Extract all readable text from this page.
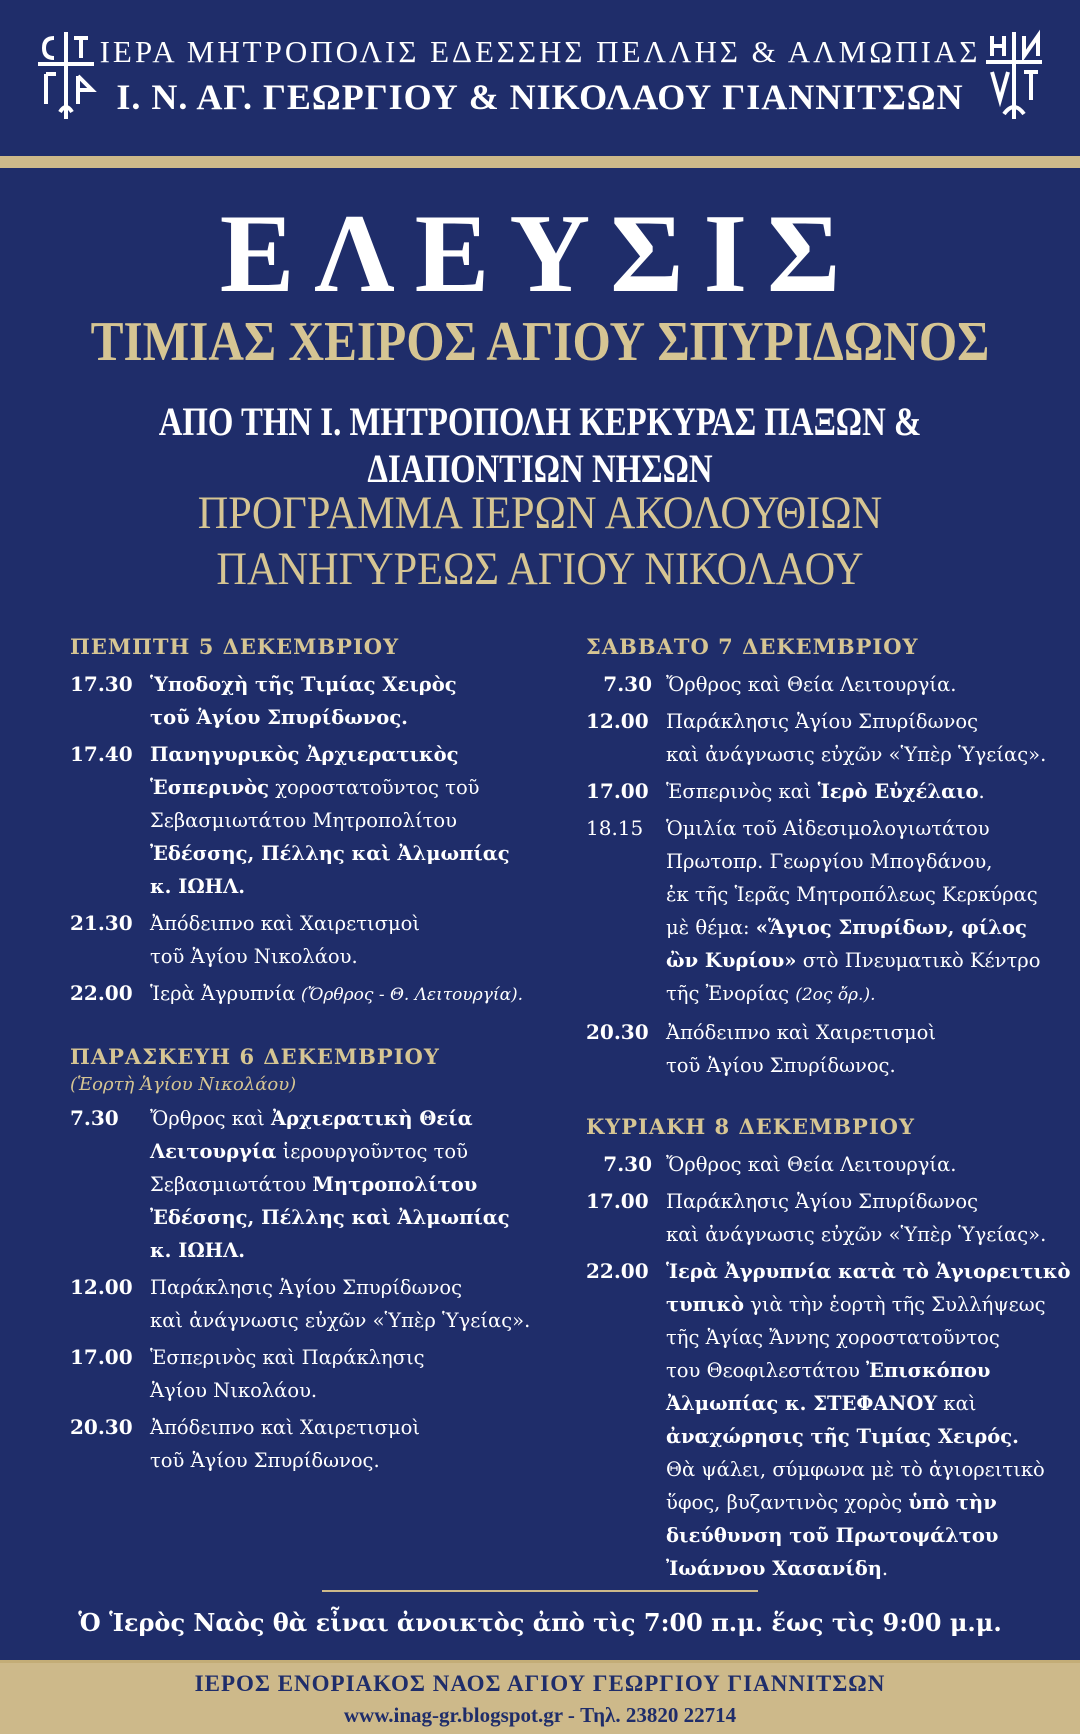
ΙΕΡΑ ΜΗΤΡΟΠΟΛΙΣ ΕΔΕΣΣΗΣ ΠΕΛΛΗΣ & ΑΛΜΩΠΙΑΣ
Ι. Ν. ΑΓ. ΓΕΩΡΓΙΟΥ & ΝΙΚΟΛΑΟΥ ΓΙΑΝΝΙΤΣΩΝ
ΕΛΕΥΣΙΣ
ΤΙΜΙΑΣ ΧΕΙΡΟΣ ΑΓΙΟΥ ΣΠΥΡΙΔΩΝΟΣ
ΑΠΟ ΤΗΝ Ι. ΜΗΤΡΟΠΟΛΗ ΚΕΡΚΥΡΑΣ ΠΑΞΩΝ & ΔΙΑΠΟΝΤΙΩΝ ΝΗΣΩΝ
ΠΡΟΓΡΑΜΜΑ ΙΕΡΩΝ ΑΚΟΛΟΥΘΙΩΝ
ΠΑΝΗΓΥΡΕΩΣ ΑΓΙΟΥ ΝΙΚΟΛΑΟΥ
ΠΕΜΠΤΗ 5 ΔΕΚΕΜΒΡΙΟΥ
17.30 Ὑποδοχὴ τῆς Τιμίας Χειρὸς
τοῦ Ἁγίου Σπυρίδωνος.
17.40 Πανηγυρικὸς Ἀρχιερατικὸς
Ἑσπερινὸς χοροστατοῦντος τοῦ
Σεβασμιωτάτου Μητροπολίτου
Ἐδέσσης, Πέλλης καὶ Ἀλμωπίας
κ. ΙΩΗΛ.
21.30 Ἀπόδειπνο καὶ Χαιρετισμοὶ
τοῦ Ἁγίου Νικολάου.
22.00 Ἱερὰ Ἀγρυπνία (Ὄρθρος - Θ. Λειτουργία).
ΠΑΡΑΣΚΕΥΗ 6 ΔΕΚΕΜΒΡΙΟΥ
(Ἑορτὴ Ἁγίου Νικολάου)
7.30	Ὄρθρος καὶ Ἀρχιερατικὴ Θεία
Λειτουργία ἱερουργοῦντος τοῦ
Σεβασμιωτάτου Μητροπολίτου
Ἐδέσσης, Πέλλης καὶ Ἀλμωπίας
κ. ΙΩΗΛ.
12.00 Παράκλησις Ἁγίου Σπυρίδωνος
καὶ ἀνάγνωσις εὐχῶν «Ὑπὲρ Ὑγείας».
17.00 Ἑσπερινὸς καὶ Παράκλησις
Ἁγίου Νικολάου.
20.30 Ἀπόδειπνο καὶ Χαιρετισμοὶ
τοῦ Ἁγίου Σπυρίδωνος.
ΣΑΒΒΑΤΟ 7 ΔΕΚΕΜΒΡΙΟΥ
7.30 Ὄρθρος καὶ Θεία Λειτουργία.
12.00 Παράκλησις Ἁγίου Σπυρίδωνος
καὶ ἀνάγνωσις εὐχῶν «Ὑπὲρ Ὑγείας».
17.00 Ἑσπερινὸς καὶ Ἱερὸ Εὐχέλαιο.
18.15	Ὁμιλία τοῦ Αἰδεσιμολογιωτάτου
Πρωτοπρ. Γεωργίου Μπογδάνου,
ἐκ τῆς Ἱερᾶς Μητροπόλεως Κερκύρας
μὲ θέμα: «Ἅγιος Σπυρίδων, φίλος
ὢν Κυρίου» στὸ Πνευματικὸ Κέντρο
τῆς Ἐνορίας (2ος ὄρ.).
20.30 Ἀπόδειπνο καὶ Χαιρετισμοὶ
τοῦ Ἁγίου Σπυρίδωνος.
ΚΥΡΙΑΚΗ 8 ΔΕΚΕΜΒΡΙΟΥ
7.30 Ὄρθρος καὶ Θεία Λειτουργία.
17.00 Παράκλησις Ἁγίου Σπυρίδωνος
καὶ ἀνάγνωσις εὐχῶν «Ὑπὲρ Ὑγείας».
22.00 Ἱερὰ Ἀγρυπνία κατὰ τὸ Ἁγιορειτικὸ
τυπικὸ γιὰ τὴν ἑορτὴ τῆς Συλλήψεως
τῆς Ἁγίας Ἄννης χοροστατοῦντος
του Θεοφιλεστάτου Ἐπισκόπου
Ἀλμωπίας κ. ΣΤΕΦΑΝΟΥ καὶ
ἀναχώρησις τῆς Τιμίας Χειρός.
Θὰ ψάλει, σύμφωνα μὲ τὸ ἁγιορειτικὸ
ὕφος, βυζαντινὸς χορὸς ὑπὸ τὴν
διεύθυνση τοῦ Πρωτοψάλτου
Ἰωάννου Χασανίδη.
Ὁ Ἱερὸς Ναὸς θὰ εἶναι ἀνοικτὸς ἀπὸ τὶς 7:00 π.μ. ἕως τὶς 9:00 μ.μ.
ΙΕΡΟΣ ΕΝΟΡΙΑΚΟΣ ΝΑΟΣ ΑΓΙΟΥ ΓΕΩΡΓΙΟΥ ΓΙΑΝΝΙΤΣΩΝ
www.inag-gr.blogspot.gr - Τηλ. 23820 22714
